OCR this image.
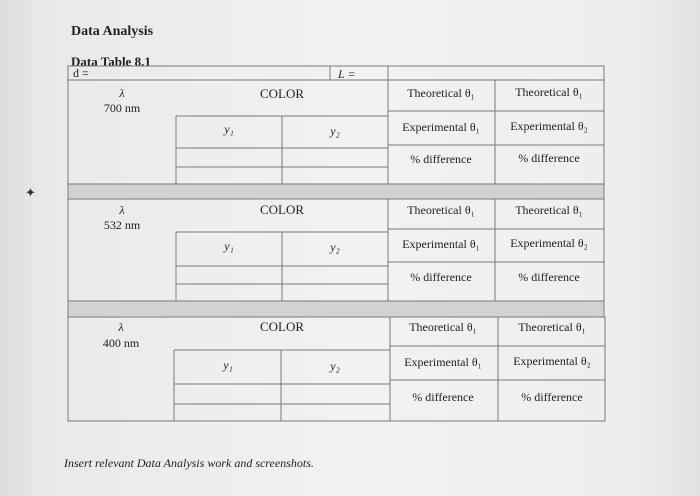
Data Analysis
Data Table 8.1
✦
d =	L =
λ
700 nm
COLOR
y₁	y₂
Theoretical θ₁	Theoretical θ₁
Experimental θ₁	Experimental θ₂
% difference	% difference
λ
532 nm
COLOR
y₁	y₂
Theoretical θ₁	Theoretical θ₁
Experimental θ₁	Experimental θ₂
% difference	% difference
λ
400 nm
COLOR
y₁	y₂
Theoretical θ₁	Theoretical θ₁
Experimental θ₁	Experimental θ₂
% difference	% difference
Insert relevant Data Analysis work and screenshots.
